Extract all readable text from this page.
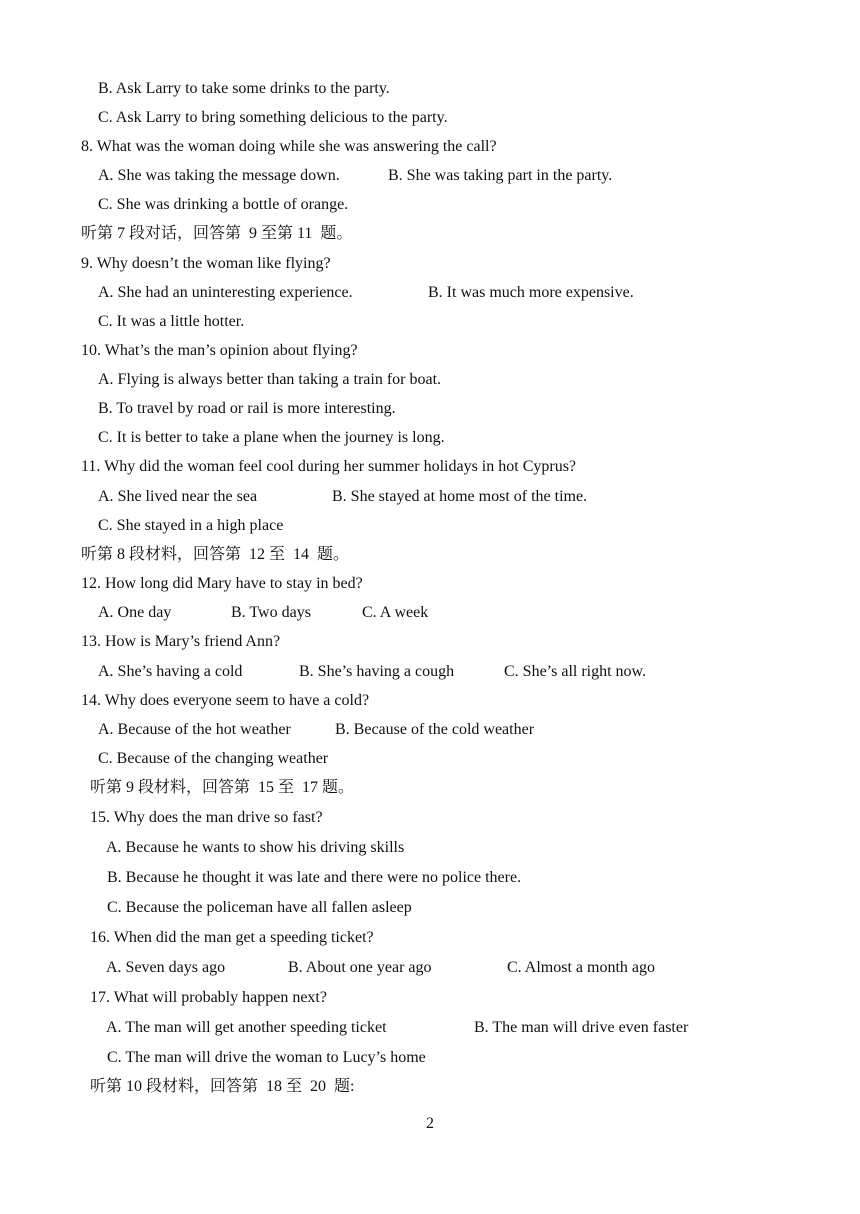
B. Ask Larry to take some drinks to the party.
C. Ask Larry to bring something delicious to the party.
8. What was the woman doing while she was answering the call?
A. She was taking the message down.	B. She was taking part in the party.
C. She was drinking a bottle of orange.
听第 7 段对话，回答第  9 至第 11  题。
9. Why doesn’t the woman like flying?
A. She had an uninteresting experience.	B. It was much more expensive.
C. It was a little hotter.
10. What’s the man’s opinion about flying?
A. Flying is always better than taking a train for boat.
B. To travel by road or rail is more interesting.
C. It is better to take a plane when the journey is long.
11. Why did the woman feel cool during her summer holidays in hot Cyprus?
A. She lived near the sea	B. She stayed at home most of the time.
C. She stayed in a high place
听第 8 段材料，回答第  12 至  14  题。
12. How long did Mary have to stay in bed?
A. One day	B. Two days	C. A week
13. How is Mary’s friend Ann?
A. She’s having a cold	B. She’s having a cough	C. She’s all right now.
14. Why does everyone seem to have a cold?
A. Because of the hot weather	B. Because of the cold weather
C. Because of the changing weather
听第 9 段材料，回答第  15 至  17 题。
15. Why does the man drive so fast?
A. Because he wants to show his driving skills
B. Because he thought it was late and there were no police there.
C. Because the policeman have all fallen asleep
16. When did the man get a speeding ticket?
A. Seven days ago	B. About one year ago	C. Almost a month ago
17. What will probably happen next?
A. The man will get another speeding ticket	B. The man will drive even faster
C. The man will drive the woman to Lucy’s home
听第 10 段材料，回答第  18 至  20  题:
2
